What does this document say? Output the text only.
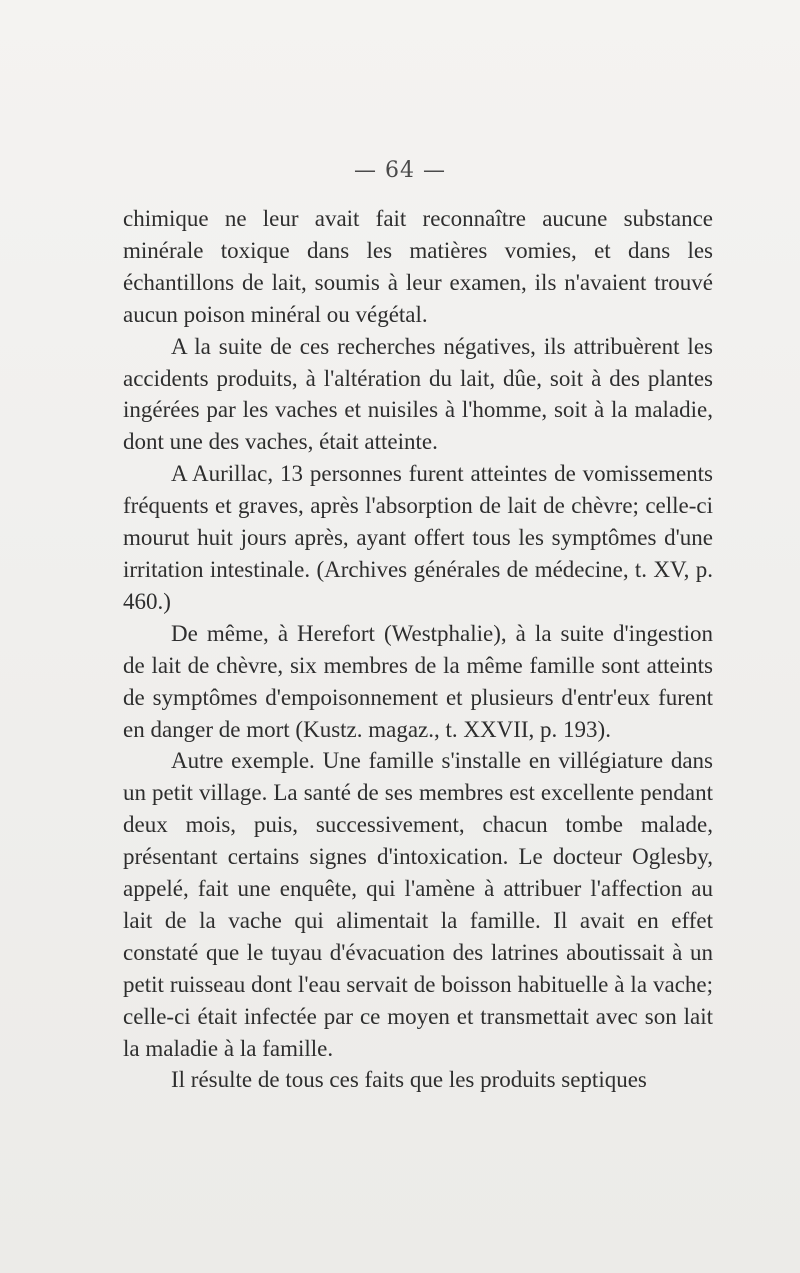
— 64 —

chimique ne leur avait fait reconnaître aucune substance minérale toxique dans les matières vomies, et dans les échantillons de lait, soumis à leur examen, ils n'avaient trouvé aucun poison minéral ou végétal.

A la suite de ces recherches négatives, ils attribuèrent les accidents produits, à l'altération du lait, dûe, soit à des plantes ingérées par les vaches et nuisiles à l'homme, soit à la maladie, dont une des vaches, était atteinte.

A Aurillac, 13 personnes furent atteintes de vomissements fréquents et graves, après l'absorption de lait de chèvre; celle-ci mourut huit jours après, ayant offert tous les symptômes d'une irritation intestinale. (Archives générales de médecine, t. XV, p. 460.)

De même, à Herefort (Westphalie), à la suite d'ingestion de lait de chèvre, six membres de la même famille sont atteints de symptômes d'empoisonnement et plusieurs d'entr'eux furent en danger de mort (Kustz. magaz., t. XXVII, p. 193).

Autre exemple. Une famille s'installe en villégiature dans un petit village. La santé de ses membres est excellente pendant deux mois, puis, successivement, chacun tombe malade, présentant certains signes d'intoxication. Le docteur Oglesby, appelé, fait une enquête, qui l'amène à attribuer l'affection au lait de la vache qui alimentait la famille. Il avait en effet constaté que le tuyau d'évacuation des latrines aboutissait à un petit ruisseau dont l'eau servait de boisson habituelle à la vache; celle-ci était infectée par ce moyen et transmettait avec son lait la maladie à la famille.

Il résulte de tous ces faits que les produits septiques
